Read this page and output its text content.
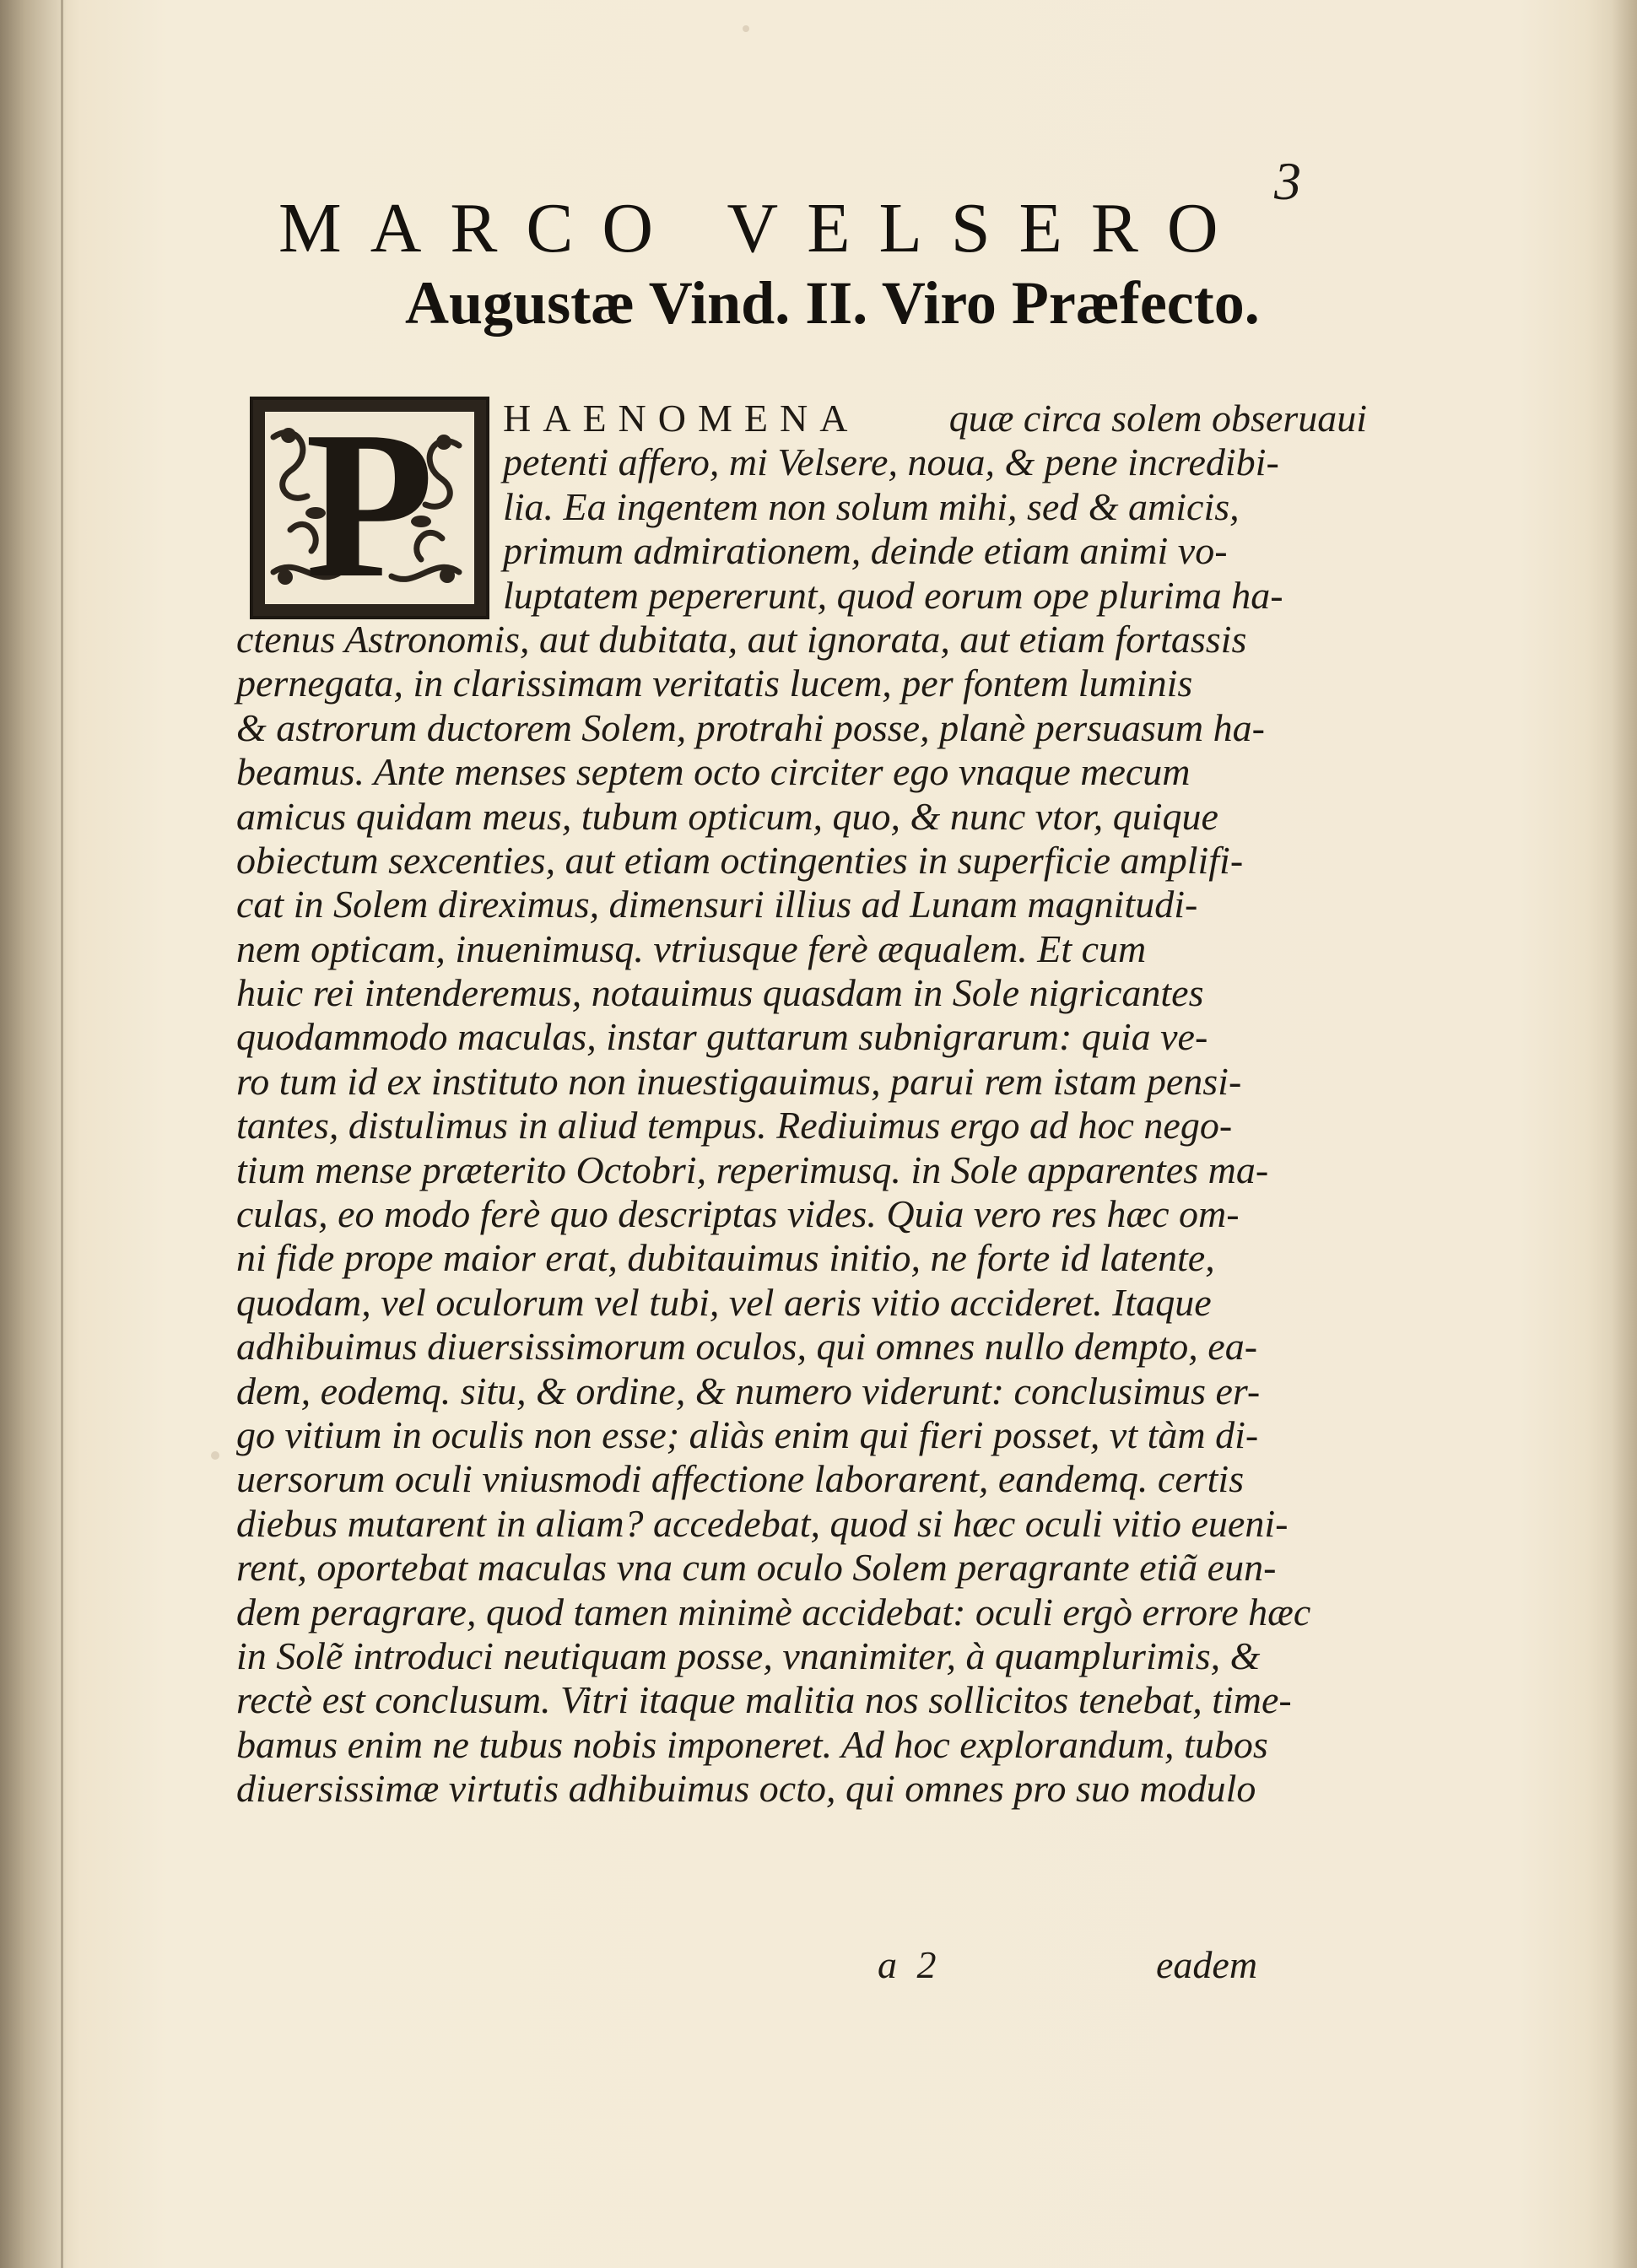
3
MARCO VELSERO
Augustæ Vind. II. Viro Præfecto.
P	HAENOMENA quæ circa solem obseruaui
petenti affero, mi Velsere, noua, & pene incredibi-
lia. Ea ingentem non solum mihi, sed & amicis,
primum admirationem, deinde etiam animi vo-
luptatem pepererunt, quod eorum ope plurima ha-
ctenus Astronomis, aut dubitata, aut ignorata, aut etiam fortassis
pernegata, in clarissimam veritatis lucem, per fontem luminis
& astrorum ductorem Solem, protrahi posse, planè persuasum ha-
beamus. Ante menses septem octo circiter ego vnaque mecum
amicus quidam meus, tubum opticum, quo, & nunc vtor, quique
obiectum sexcenties, aut etiam octingenties in superficie amplifi-
cat in Solem direximus, dimensuri illius ad Lunam magnitudi-
nem opticam, inuenimusq. vtriusque ferè æqualem. Et cum
huic rei intenderemus, notauimus quasdam in Sole nigricantes
quodammodo maculas, instar guttarum subnigrarum: quia ve-
ro tum id ex instituto non inuestigauimus, parui rem istam pensi-
tantes, distulimus in aliud tempus. Rediuimus ergo ad hoc nego-
tium mense præterito Octobri, reperimusq. in Sole apparentes ma-
culas, eo modo ferè quo descriptas vides. Quia vero res hæc om-
ni fide prope maior erat, dubitauimus initio, ne forte id latente,
quodam, vel oculorum vel tubi, vel aeris vitio accideret. Itaque
adhibuimus diuersissimorum oculos, qui omnes nullo dempto, ea-
dem, eodemq. situ, & ordine, & numero viderunt: conclusimus er-
go vitium in oculis non esse; aliàs enim qui fieri posset, vt tàm di-
uersorum oculi vniusmodi affectione laborarent, eandemq. certis
diebus mutarent in aliam? accedebat, quod si hæc oculi vitio eueni-
rent, oportebat maculas vna cum oculo Solem peragrante etiã eun-
dem peragrare, quod tamen minimè accidebat: oculi ergò errore hæc
in Solẽ introduci neutiquam posse, vnanimiter, à quamplurimis, &
rectè est conclusum. Vitri itaque malitia nos sollicitos tenebat, time-
bamus enim ne tubus nobis imponeret. Ad hoc explorandum, tubos
diuersissimæ virtutis adhibuimus octo, qui omnes pro suo modulo
a 2	eadem
